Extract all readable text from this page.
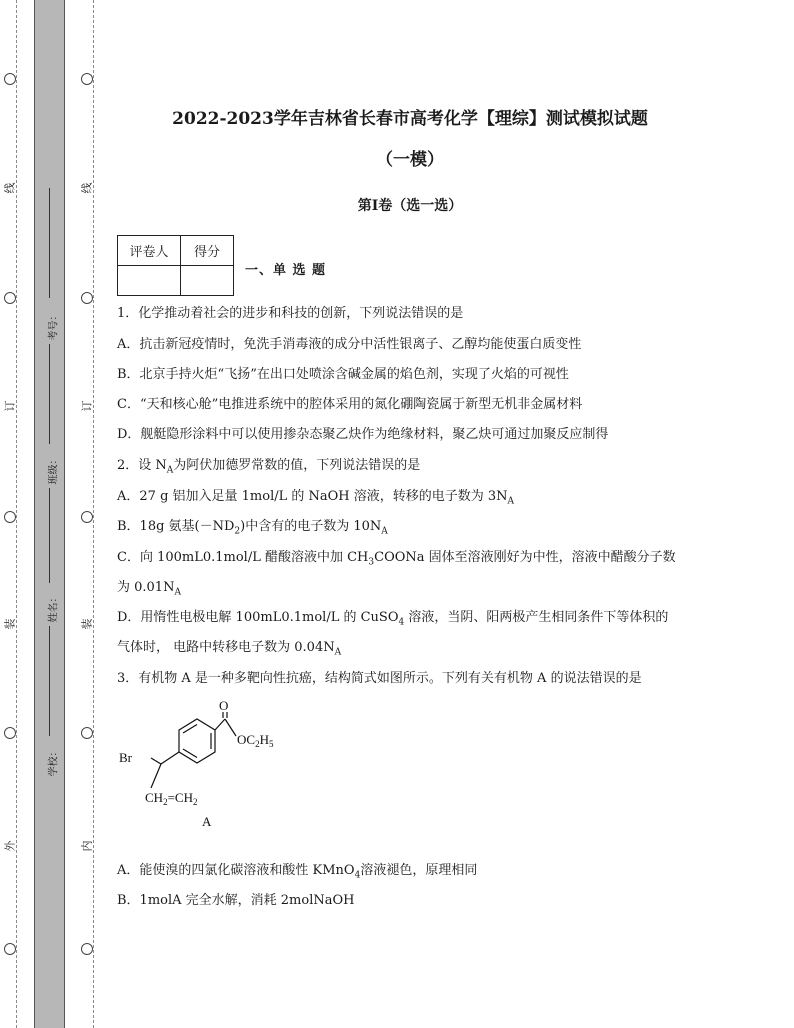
线
订
装
外
线
订
装
内
考号：
班级：
姓名：
学校：
2022-2023学年吉林省长春市高考化学【理综】测试模拟试题
（一模）
第I卷（选一选）
评卷人	得分

一、单 选 题
1．化学推动着社会的进步和科技的创新，下列说法错误的是
A．抗击新冠疫情时，免洗手消毒液的成分中活性银离子、乙醇均能使蛋白质变性
B．北京手持火炬“飞扬”在出口处喷涂含碱金属的焰色剂，实现了火焰的可视性
C．“天和核心舱”电推进系统中的腔体采用的氮化硼陶瓷属于新型无机非金属材料
D．舰艇隐形涂料中可以使用掺杂态聚乙炔作为绝缘材料，聚乙炔可通过加聚反应制得
2．设 $N_A$为阿伏加德罗常数的值，下列说法错误的是
A．27 g 铝加入足量 1mol/L 的 NaOH 溶液，转移的电子数为 $3N_A$
B．18g 氨基$(-ND_2)$中含有的电子数为 $10N_A$
C．向 100mL0.1mol/L 醋酸溶液中加 $CH_3COONa$ 固体至溶液刚好为中性，溶液中醋酸分子数
为 $0.01N_A$
D．用惰性电极电解 100mL0.1mol/L 的 CuSO$_4$ 溶液，当阴、阳两极产生相同条件下等体积的
气体时， 电路中转移电子数为 $0.04N_A$
3．有机物 A 是一种多靶向性抗癌，结构简式如图所示。下列有关有机物 A 的说法错误的是
O
$OC_2H_5$
Br
$CH_2=CH_2$
A
A．能使溴的四氯化碳溶液和酸性 KMnO$_4$溶液褪色，原理相同
B．1molA 完全水解，消耗 2molNaOH
